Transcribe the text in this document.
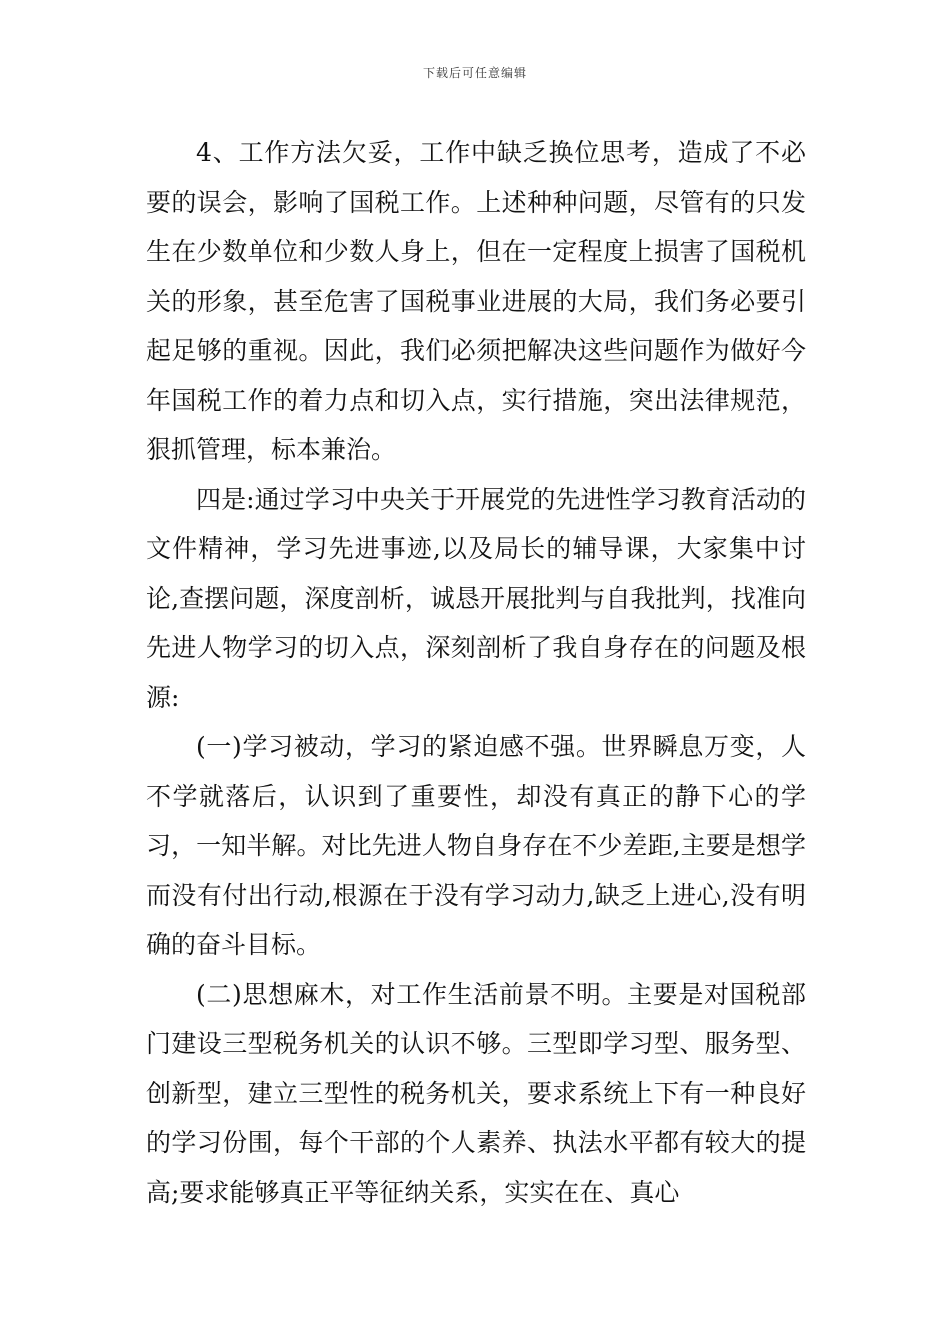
下载后可任意编辑

4、工作方法欠妥，工作中缺乏换位思考，造成了不必要的误会，影响了国税工作。上述种种问题，尽管有的只发生在少数单位和少数人身上，但在一定程度上损害了国税机关的形象，甚至危害了国税事业进展的大局，我们务必要引起足够的重视。因此，我们必须把解决这些问题作为做好今年国税工作的着力点和切入点，实行措施，突出法律规范，狠抓管理，标本兼治。

四是:通过学习中央关于开展党的先进性学习教育活动的文件精神，学习先进事迹,以及局长的辅导课，大家集中讨论,查摆问题，深度剖析，诚恳开展批判与自我批判，找准向先进人物学习的切入点，深刻剖析了我自身存在的问题及根源:

(一)学习被动，学习的紧迫感不强。世界瞬息万变，人不学就落后，认识到了重要性，却没有真正的静下心的学习，一知半解。对比先进人物自身存在不少差距,主要是想学而没有付出行动,根源在于没有学习动力,缺乏上进心,没有明确的奋斗目标。

(二)思想麻木，对工作生活前景不明。主要是对国税部门建设三型税务机关的认识不够。三型即学习型、服务型、创新型，建立三型性的税务机关，要求系统上下有一种良好的学习份围，每个干部的个人素养、执法水平都有较大的提高;要求能够真正平等征纳关系，实实在在、真心
